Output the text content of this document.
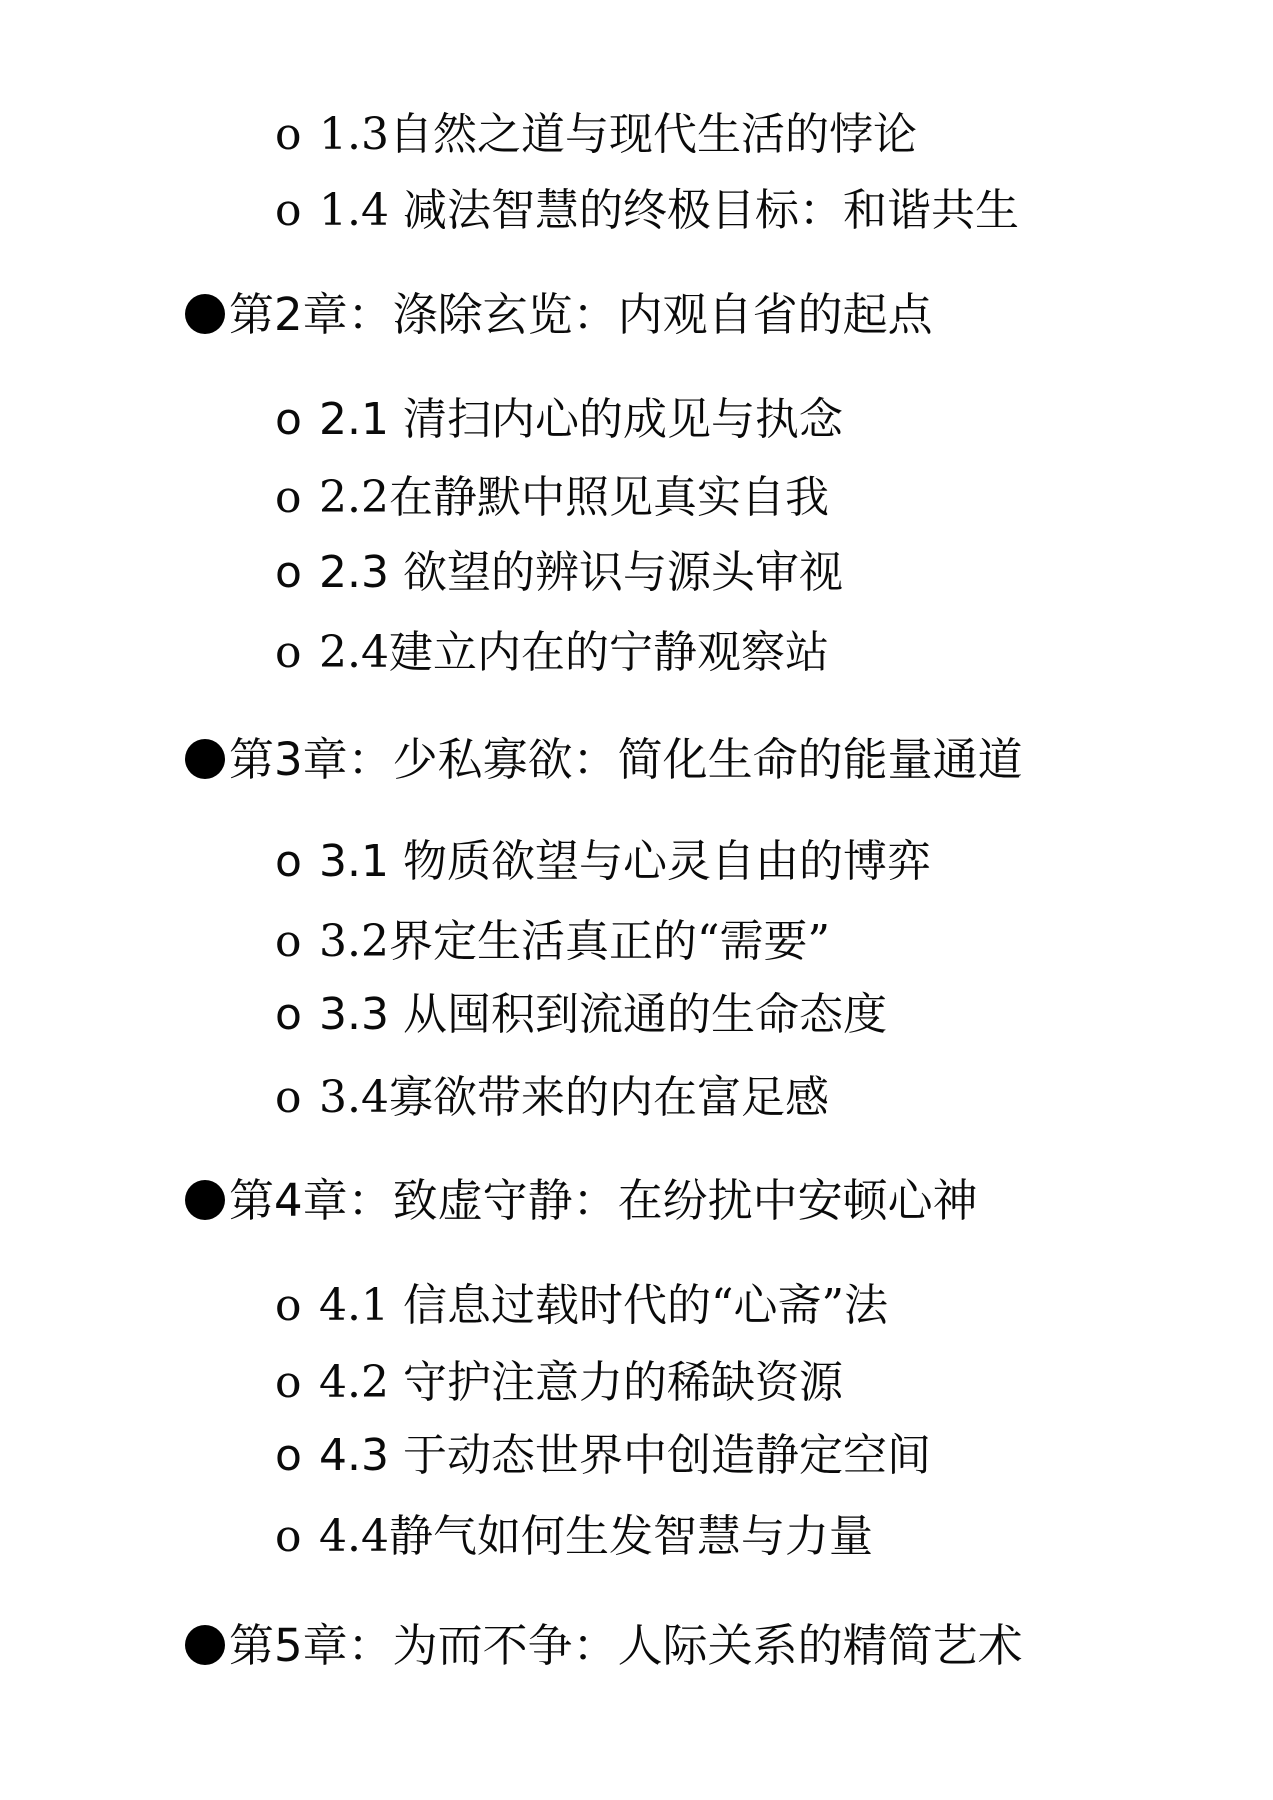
o 1.3自然之道与现代生活的悖论
o 1.4 减法智慧的终极目标：和谐共生
第2章：涤除玄览：内观自省的起点
o 2.1 清扫内心的成见与执念
o 2.2在静默中照见真实自我
o 2.3 欲望的辨识与源头审视
o 2.4建立内在的宁静观察站
第3章：少私寡欲：简化生命的能量通道
o 3.1 物质欲望与心灵自由的博弈
o 3.2界定生活真正的“需要”
o 3.3 从囤积到流通的生命态度
o 3.4寡欲带来的内在富足感
第4章：致虚守静：在纷扰中安顿心神
o 4.1 信息过载时代的“心斋”法
o 4.2 守护注意力的稀缺资源
o 4.3 于动态世界中创造静定空间
o 4.4静气如何生发智慧与力量
第5章：为而不争：人际关系的精简艺术
